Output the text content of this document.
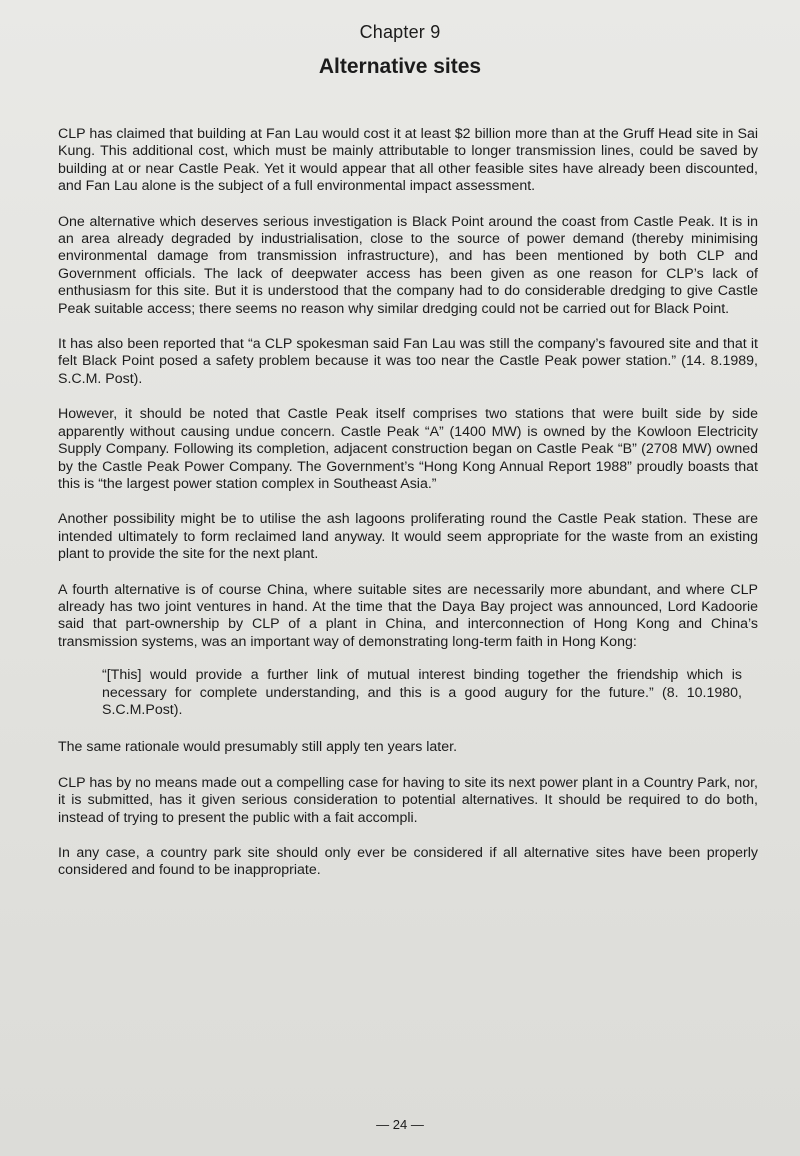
Chapter 9
Alternative sites

CLP has claimed that building at Fan Lau would cost it at least $2 billion more than at the Gruff Head site in Sai Kung. This additional cost, which must be mainly attributable to longer transmission lines, could be saved by building at or near Castle Peak. Yet it would appear that all other feasible sites have already been discounted, and Fan Lau alone is the subject of a full environmental impact assessment.

One alternative which deserves serious investigation is Black Point around the coast from Castle Peak. It is in an area already degraded by industrialisation, close to the source of power demand (thereby minimising environmental damage from transmission infrastructure), and has been mentioned by both CLP and Government officials. The lack of deepwater access has been given as one reason for CLP’s lack of enthusiasm for this site. But it is understood that the company had to do considerable dredging to give Castle Peak suitable access; there seems no reason why similar dredging could not be carried out for Black Point.

It has also been reported that “a CLP spokesman said Fan Lau was still the company’s favoured site and that it felt Black Point posed a safety problem because it was too near the Castle Peak power station.” (14. 8.1989, S.C.M. Post).

However, it should be noted that Castle Peak itself comprises two stations that were built side by side apparently without causing undue concern. Castle Peak “A” (1400 MW) is owned by the Kowloon Electricity Supply Company. Following its completion, adjacent construction began on Castle Peak “B” (2708 MW) owned by the Castle Peak Power Company. The Government’s “Hong Kong Annual Report 1988” proudly boasts that this is “the largest power station complex in Southeast Asia.”

Another possibility might be to utilise the ash lagoons proliferating round the Castle Peak station. These are intended ultimately to form reclaimed land anyway. It would seem appropriate for the waste from an existing plant to provide the site for the next plant.

A fourth alternative is of course China, where suitable sites are necessarily more abundant, and where CLP already has two joint ventures in hand. At the time that the Daya Bay project was announced, Lord Kadoorie said that part-ownership by CLP of a plant in China, and interconnection of Hong Kong and China’s transmission systems, was an important way of demonstrating long-term faith in Hong Kong:

“[This] would provide a further link of mutual interest binding together the friendship which is necessary for complete understanding, and this is a good augury for the future.” (8. 10.1980, S.C.M.Post).

The same rationale would presumably still apply ten years later.

CLP has by no means made out a compelling case for having to site its next power plant in a Country Park, nor, it is submitted, has it given serious consideration to potential alternatives. It should be required to do both, instead of trying to present the public with a fait accompli.

In any case, a country park site should only ever be considered if all alternative sites have been properly considered and found to be inappropriate.

— 24 —
